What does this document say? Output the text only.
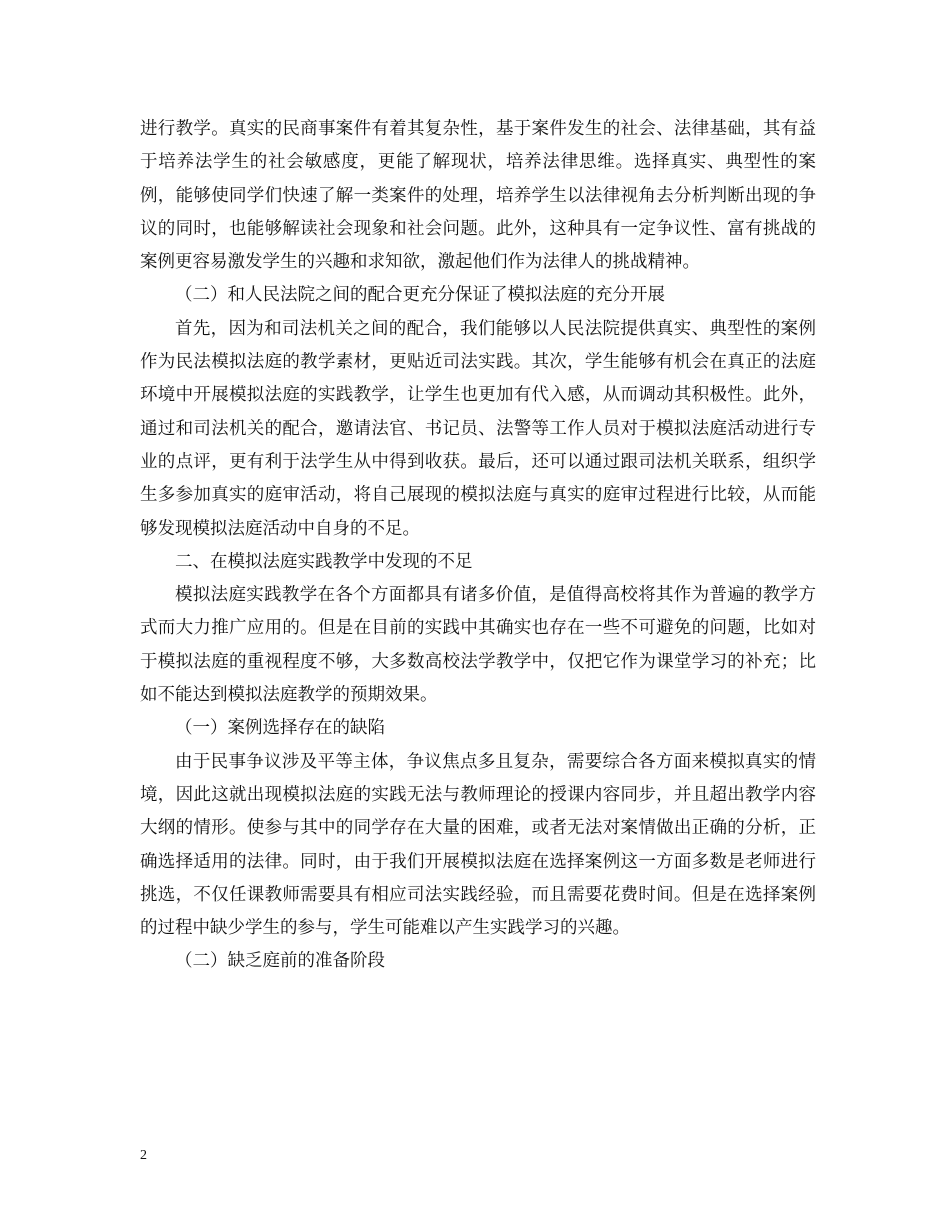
进行教学。真实的民商事案件有着其复杂性，基于案件发生的社会、法律基础，其有益于培养法学生的社会敏感度，更能了解现状，培养法律思维。选择真实、典型性的案例，能够使同学们快速了解一类案件的处理，培养学生以法律视角去分析判断出现的争议的同时，也能够解读社会现象和社会问题。此外，这种具有一定争议性、富有挑战的案例更容易激发学生的兴趣和求知欲，激起他们作为法律人的挑战精神。

（二）和人民法院之间的配合更充分保证了模拟法庭的充分开展

首先，因为和司法机关之间的配合，我们能够以人民法院提供真实、典型性的案例作为民法模拟法庭的教学素材，更贴近司法实践。其次，学生能够有机会在真正的法庭环境中开展模拟法庭的实践教学，让学生也更加有代入感，从而调动其积极性。此外，通过和司法机关的配合，邀请法官、书记员、法警等工作人员对于模拟法庭活动进行专业的点评，更有利于法学生从中得到收获。最后，还可以通过跟司法机关联系，组织学生多参加真实的庭审活动，将自己展现的模拟法庭与真实的庭审过程进行比较，从而能够发现模拟法庭活动中自身的不足。

二、在模拟法庭实践教学中发现的不足

模拟法庭实践教学在各个方面都具有诸多价值，是值得高校将其作为普遍的教学方式而大力推广应用的。但是在目前的实践中其确实也存在一些不可避免的问题，比如对于模拟法庭的重视程度不够，大多数高校法学教学中，仅把它作为课堂学习的补充；比如不能达到模拟法庭教学的预期效果。

（一）案例选择存在的缺陷

由于民事争议涉及平等主体，争议焦点多且复杂，需要综合各方面来模拟真实的情境，因此这就出现模拟法庭的实践无法与教师理论的授课内容同步，并且超出教学内容大纲的情形。使参与其中的同学存在大量的困难，或者无法对案情做出正确的分析，正确选择适用的法律。同时，由于我们开展模拟法庭在选择案例这一方面多数是老师进行挑选，不仅任课教师需要具有相应司法实践经验，而且需要花费时间。但是在选择案例的过程中缺少学生的参与，学生可能难以产生实践学习的兴趣。

（二）缺乏庭前的准备阶段

2
